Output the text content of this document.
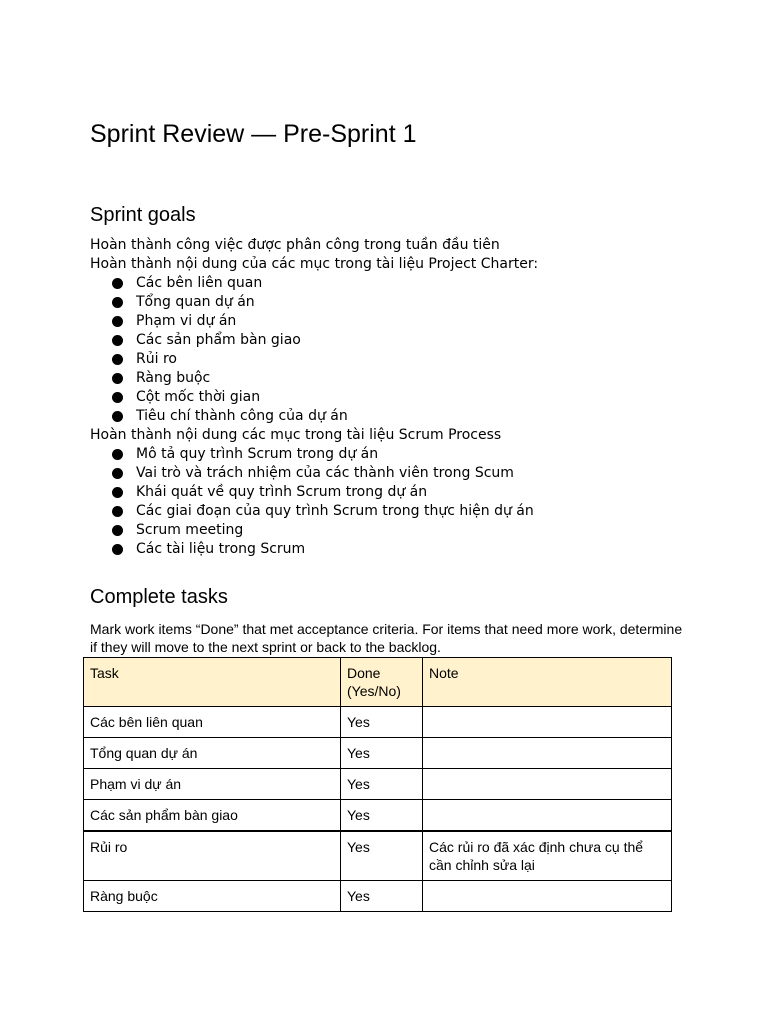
Sprint Review — Pre-Sprint 1
Sprint goals

Hoàn thành công việc được phân công trong tuần đầu tiên

Hoàn thành nội dung của các mục trong tài liệu Project Charter:

Các bên liên quan
Tổng quan dự án
Phạm vi dự án
Các sản phẩm bàn giao
Rủi ro
Ràng buộc
Cột mốc thời gian
Tiêu chí thành công của dự án

Hoàn thành nội dung các mục trong tài liệu Scrum Process

Mô tả quy trình Scrum trong dự án
Vai trò và trách nhiệm của các thành viên trong Scum
Khái quát về quy trình Scrum trong dự án
Các giai đoạn của quy trình Scrum trong thực hiện dự án
Scrum meeting
Các tài liệu trong Scrum
Complete tasks

Mark work items “Done” that met acceptance criteria. For items that need more work, determine if they will move to the next sprint or back to the backlog.

Task	Done (Yes/No)	Note
Các bên liên quan	Yes	
Tổng quan dự án	Yes	
Phạm vi dự án	Yes	
Các sản phẩm bàn giao	Yes	
Rủi ro	Yes	Các rủi ro đã xác định chưa cụ thể cần chỉnh sửa lại
Ràng buộc	Yes	
